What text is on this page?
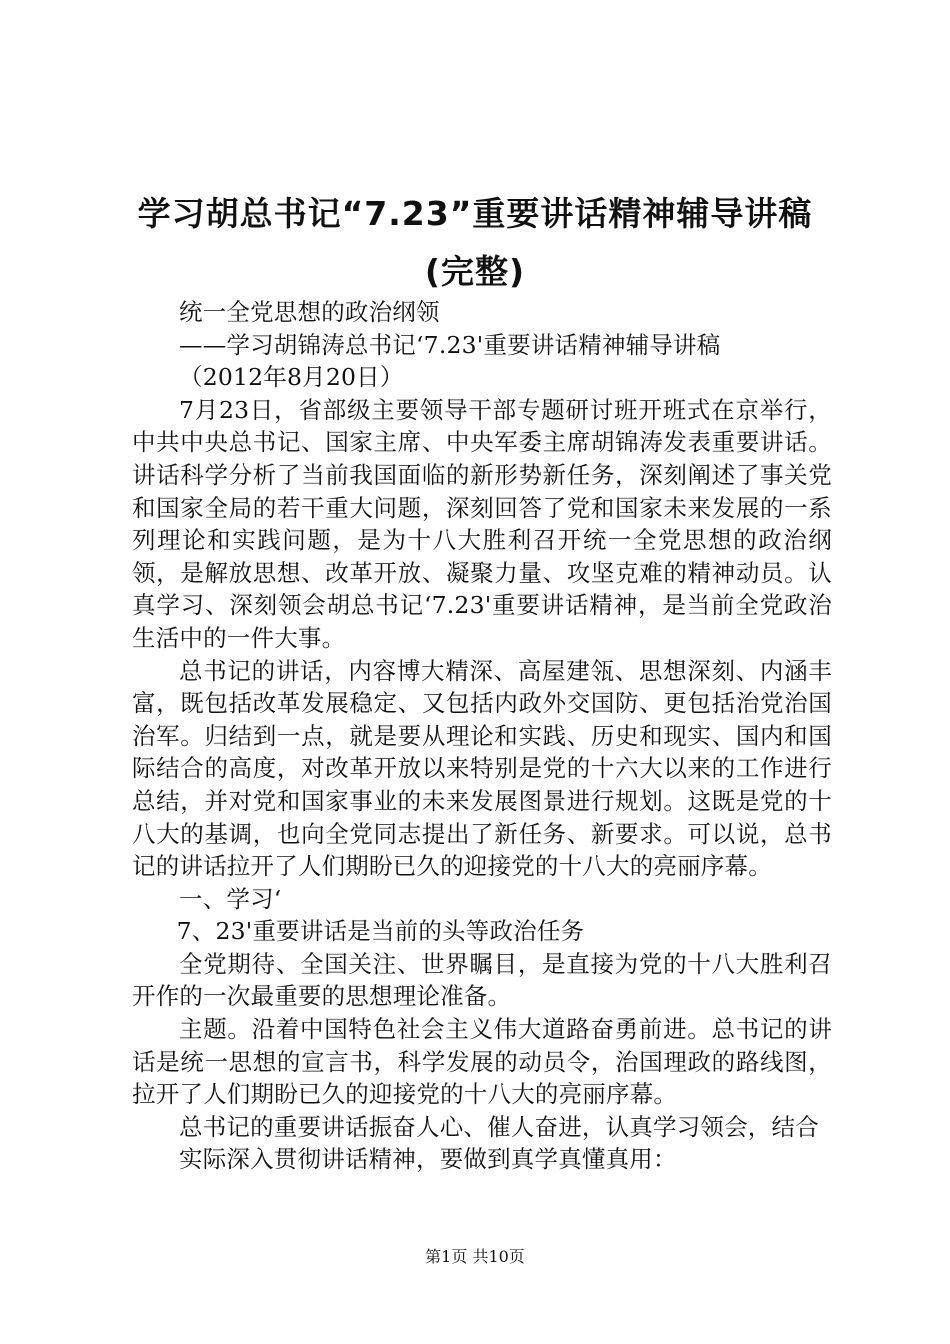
学习胡总书记“7.23”重要讲话精神辅导讲稿
(完整)

统一全党思想的政治纲领

——学习胡锦涛总书记‘7.23'重要讲话精神辅导讲稿

（2012年8月20日）

7月23日，省部级主要领导干部专题研讨班开班式在京举行，中共中央总书记、国家主席、中央军委主席胡锦涛发表重要讲话。讲话科学分析了当前我国面临的新形势新任务，深刻阐述了事关党和国家全局的若干重大问题，深刻回答了党和国家未来发展的一系列理论和实践问题，是为十八大胜利召开统一全党思想的政治纲领，是解放思想、改革开放、凝聚力量、攻坚克难的精神动员。认真学习、深刻领会胡总书记‘7.23'重要讲话精神，是当前全党政治生活中的一件大事。

总书记的讲话，内容博大精深、高屋建瓴、思想深刻、内涵丰富，既包括改革发展稳定、又包括内政外交国防、更包括治党治国治军。归结到一点，就是要从理论和实践、历史和现实、国内和国际结合的高度，对改革开放以来特别是党的十六大以来的工作进行总结，并对党和国家事业的未来发展图景进行规划。这既是党的十八大的基调，也向全党同志提出了新任务、新要求。可以说，总书记的讲话拉开了人们期盼已久的迎接党的十八大的亮丽序幕。

一、学习‘

7、23'重要讲话是当前的头等政治任务

全党期待、全国关注、世界瞩目，是直接为党的十八大胜利召开作的一次最重要的思想理论准备。

主题。沿着中国特色社会主义伟大道路奋勇前进。总书记的讲话是统一思想的宣言书，科学发展的动员令，治国理政的路线图，拉开了人们期盼已久的迎接党的十八大的亮丽序幕。

总书记的重要讲话振奋人心、催人奋进，认真学习领会，结合

实际深入贯彻讲话精神，要做到真学真懂真用：

第1页 共10页
